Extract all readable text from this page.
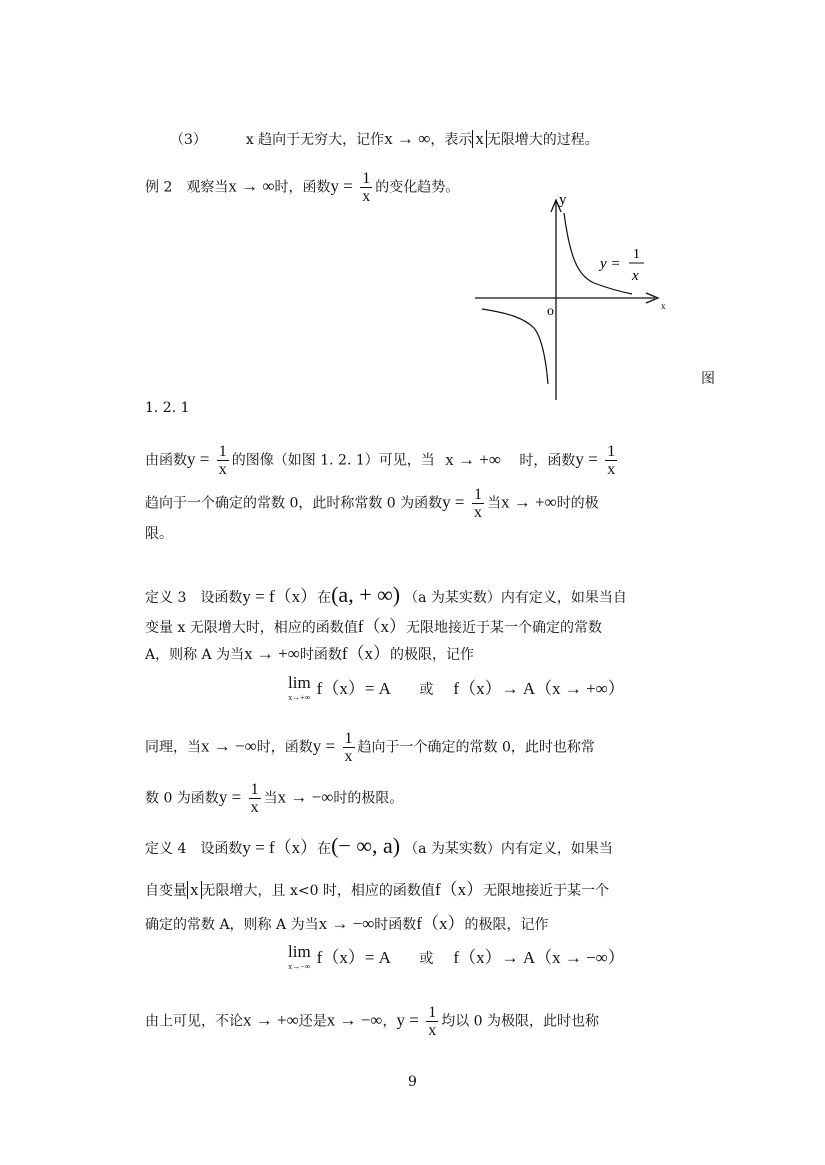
（3）	x 趋向于无穷大，记作x → ∞，表示 x 无限增大的过程。
例 2　观察当x → ∞时，函数$y = \frac{1}{x}$ 的变化趋势。
y
x
o
y =
1
x
图
1. 2. 1
由函数$y = \frac{1}{x}$ 的图像（如图 1. 2. 1）可见，当 x → +∞ 时，函数$y = \frac{1}{x}$
趋向于一个确定的常数 0，此时称常数 0 为函数$y = \frac{1}{x}$ 当x → +∞时的极
限。
定义 3　设函数y = f（x）在(a, + ∞) （a 为某实数）内有定义，如果当自
变量 x 无限增大时，相应的函数值f（x）无限地接近于某一个确定的常数
A，则称 A 为当x → +∞时函数f（x）的极限，记作
lim
x→+∞ f（x）= A 或 f（x）→ A（x → +∞）
同理，当x → −∞时，函数$y = \frac{1}{x}$ 趋向于一个确定的常数 0，此时也称常
数 0 为函数$y = \frac{1}{x}$ 当x → −∞时的极限。
定义 4　设函数y = f（x）在(− ∞, a) （a 为某实数）内有定义，如果当
自变量 x 无限增大，且 x<0 时，相应的函数值f（x）无限地接近于某一个
确定的常数 A，则称 A 为当x → −∞时函数f（x）的极限，记作
lim
x→−∞ f（x）= A 或 f（x）→ A（x → −∞）
由上可见，不论x → +∞还是x → −∞，$y = \frac{1}{x}$ 均以 0 为极限，此时也称
9
